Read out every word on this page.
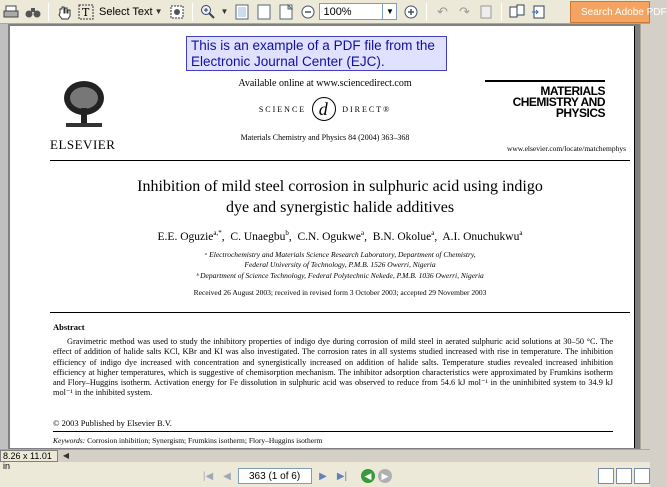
T Select Text ▼	▼	100%	▼	↶ ↷	Search Adobe PDF
This is an example of a PDF file from the Electronic Journal Center (EJC).
ELSEVIER
Available online at www.sciencedirect.com
SCIENCE d	DIRECT®
Materials Chemistry and Physics 84 (2004) 363–368
MATERIALS
CHEMISTRY AND
PHYSICS
www.elsevier.com/locate/matchemphys
Inhibition of mild steel corrosion in sulphuric acid using indigo
dye and synergistic halide additives
E.E. Oguzie$^{a,*}$,  C. Unaegbu$^b$,  C.N. Ogukwe$^a$,  B.N. Okolue$^a$,  A.I. Onuchukwu$^a$
ᵃ Electrochemistry and Materials Science Research Laboratory, Department of Chemistry,
Federal University of Technology, P.M.B. 1526 Owerri, Nigeria
ᵇ Department of Science Technology, Federal Polytechnic Nekede, P.M.B. 1036 Owerri, Nigeria
Received 26 August 2003; received in revised form 3 October 2003; accepted 29 November 2003
Abstract
Gravimetric method was used to study the inhibitory properties of indigo dye during corrosion of mild steel in aerated sulphuric acid solutions at 30–50 °C. The effect of addition of halide salts KCl, KBr and KI was also investigated. The corrosion rates in all systems studied increased with rise in temperature. The inhibition efficiency of indigo dye increased with concentration and synergistically increased on addition of halide salts. Temperature studies revealed increased inhibition efficiency at higher temperatures, which is suggestive of chemisorption mechanism. The inhibitor adsorption characteristics were approximated by Frumkins isotherm and Flory–Huggins isotherm. Activation energy for Fe dissolution in sulphuric acid was observed to reduce from 54.6 kJ mol⁻¹ in the uninhibited system to 34.9 kJ mol⁻¹ in the inhibited system.
© 2003 Published by Elsevier B.V.
Keywords: Corrosion inhibition; Synergism; Frumkins isotherm; Flory–Huggins isotherm
8.26 x 11.01 in
◀
|◀	◀	363 (1 of 6)	▶	▶|	◀	▶
